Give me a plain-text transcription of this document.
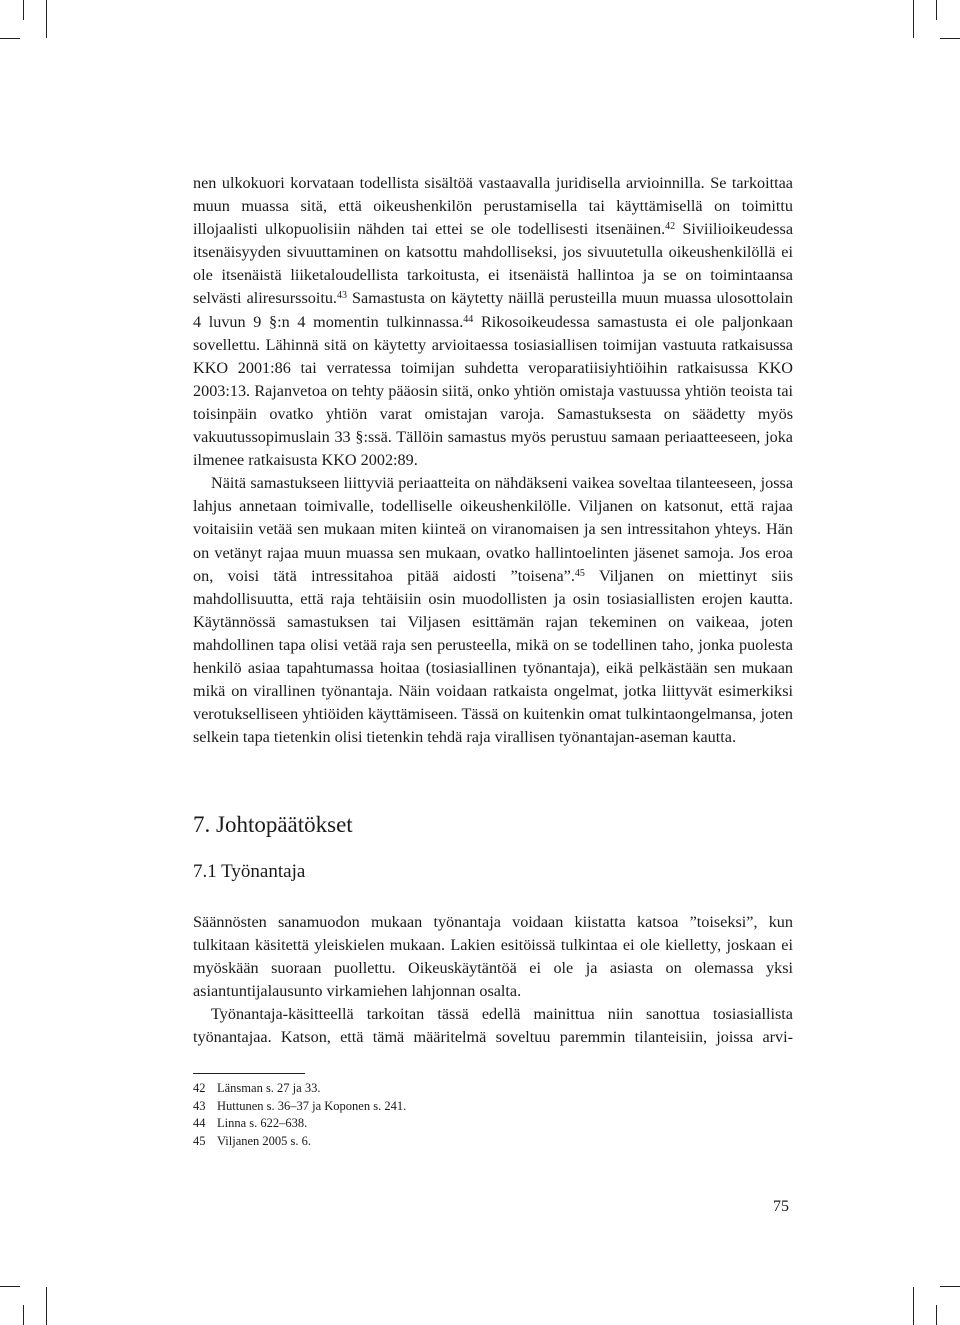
nen ulkokuori korvataan todellista sisältöä vastaavalla juridisella arvioinnilla. Se tarkoittaa muun muassa sitä, että oikeushenkilön perustamisella tai käyttämisellä on toimittu illojaalisti ulkopuolisiin nähden tai ettei se ole todellisesti itsenäinen.$^{42}$ Siviilioikeudessa itsenäisyyden sivuuttaminen on katsottu mahdolliseksi, jos sivuutetulla oikeushenkilöllä ei ole itsenäistä liiketaloudellista tarkoitusta, ei itsenäistä hallintoa ja se on toimintaansa selvästi aliresurssoitu.$^{43}$ Samastusta on käytetty näillä perusteilla muun muassa ulosottolain 4 luvun 9 §:n 4 momentin tulkinnassa.$^{44}$ Rikosoikeudessa samastusta ei ole paljonkaan sovellettu. Lähinnä sitä on käytetty arvioitaessa tosiasiallisen toimijan vastuuta ratkaisussa KKO 2001:86 tai verratessa toimijan suhdetta veroparatiisiyhtiöihin ratkaisussa KKO 2003:13. Rajanvetoa on tehty pääosin siitä, onko yhtiön omistaja vastuussa yhtiön teoista tai toisinpäin ovatko yhtiön varat omistajan varoja. Samastuksesta on säädetty myös vakuutussopimuslain 33 §:ssä. Tällöin samastus myös perustuu samaan periaatteeseen, joka ilmenee ratkaisusta KKO 2002:89.

Näitä samastukseen liittyviä periaatteita on nähdäkseni vaikea soveltaa tilanteeseen, jossa lahjus annetaan toimivalle, todelliselle oikeushenkilölle. Viljanen on katsonut, että rajaa voitaisiin vetää sen mukaan miten kiinteä on viranomaisen ja sen intressitahon yhteys. Hän on vetänyt rajaa muun muassa sen mukaan, ovatko hallintoelinten jäsenet samoja. Jos eroa on, voisi tätä intressitahoa pitää aidosti ”toisena”.$^{45}$ Viljanen on miettinyt siis mahdollisuutta, että raja tehtäisiin osin muodollisten ja osin tosiasiallisten erojen kautta. Käytännössä samastuksen tai Viljasen esittämän rajan tekeminen on vaikeaa, joten mahdollinen tapa olisi vetää raja sen perusteella, mikä on se todellinen taho, jonka puolesta henkilö asiaa tapahtumassa hoitaa (tosiasiallinen työnantaja), eikä pelkästään sen mukaan mikä on virallinen työnantaja. Näin voidaan ratkaista ongelmat, jotka liittyvät esimerkiksi verotukselliseen yhtiöiden käyttämiseen. Tässä on kuitenkin omat tulkintaongelmansa, joten selkein tapa tietenkin olisi tietenkin tehdä raja virallisen työnantajan-aseman kautta.

7. Johtopäätökset
7.1 Työnantaja

Säännösten sanamuodon mukaan työnantaja voidaan kiistatta katsoa ”toiseksi”, kun tulkitaan käsitettä yleiskielen mukaan. Lakien esitöissä tulkintaa ei ole kielletty, joskaan ei myöskään suoraan puollettu. Oikeuskäytäntöä ei ole ja asiasta on olemassa yksi asiantuntijalausunto virkamiehen lahjonnan osalta.

Työnantaja-käsitteellä tarkoitan tässä edellä mainittua niin sanottua tosiasiallista työnantajaa. Katson, että tämä määritelmä soveltuu paremmin tilanteisiin, joissa arvi-

42 Länsman s. 27 ja 33.
43 Huttunen s. 36–37 ja Koponen s. 241.
44 Linna s. 622–638.
45 Viljanen 2005 s. 6.
75
